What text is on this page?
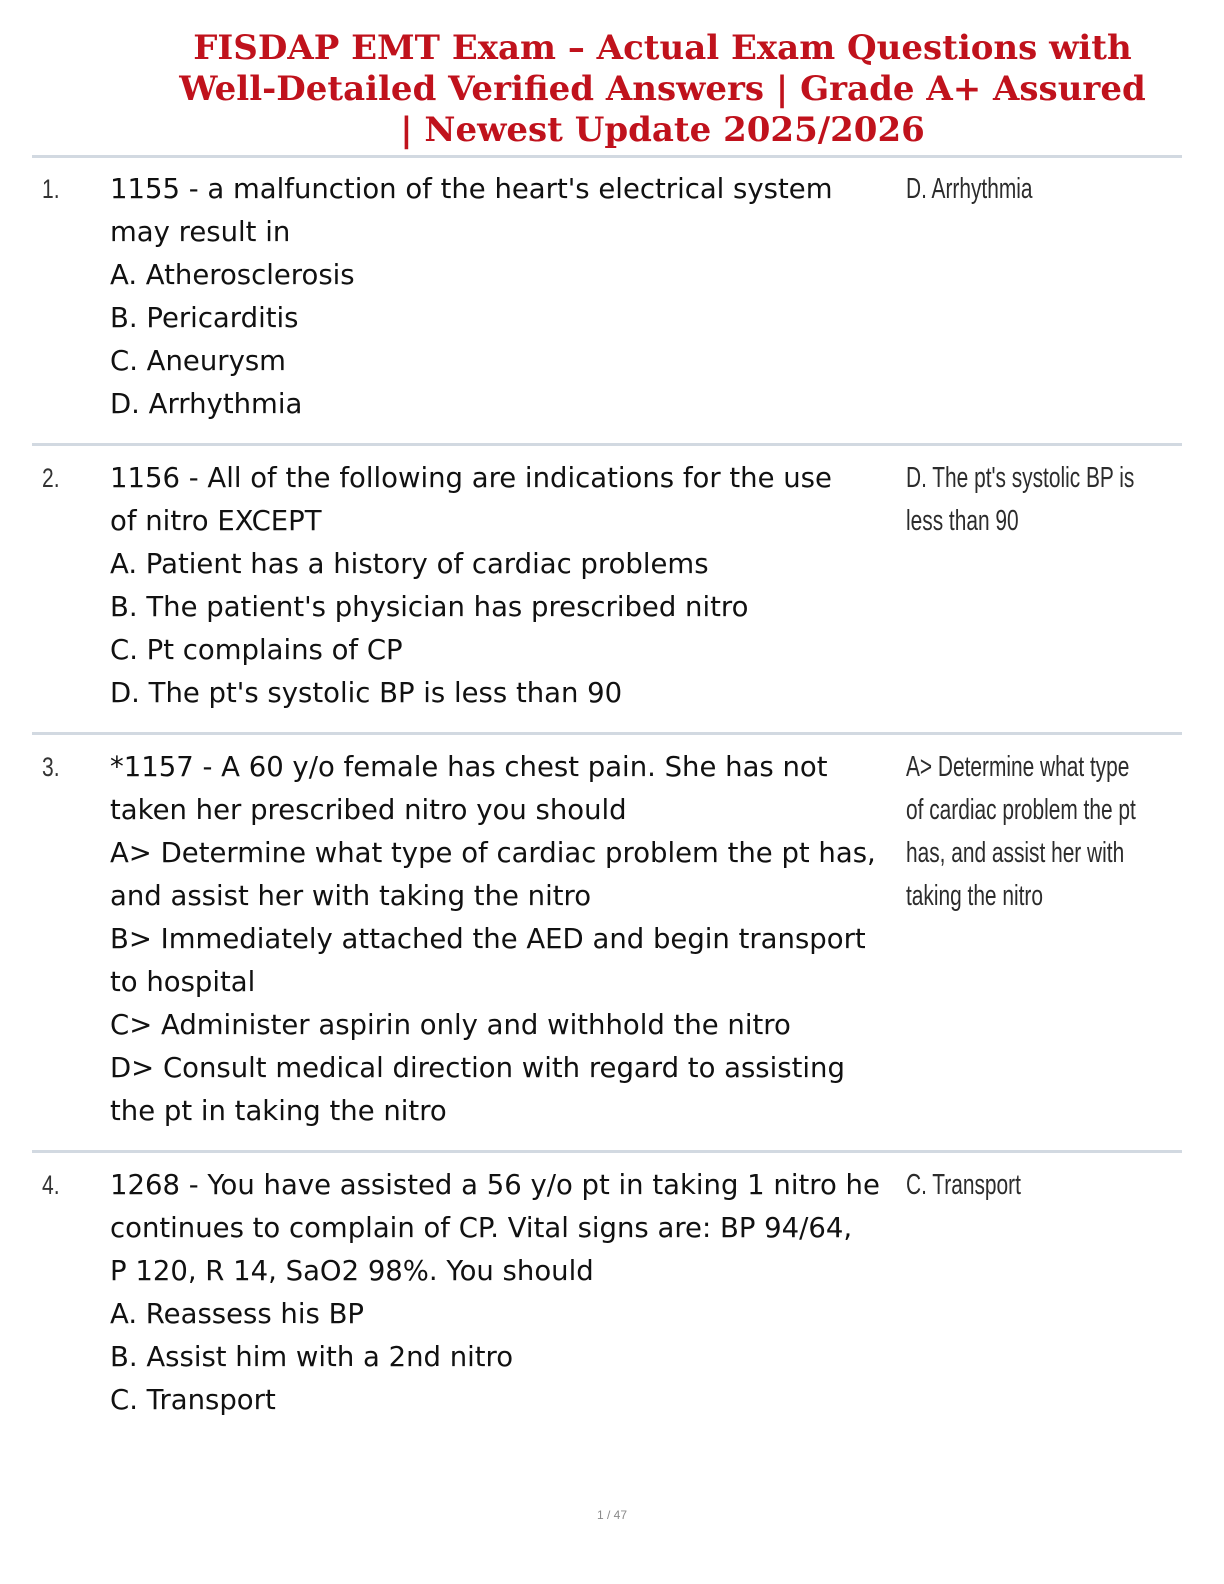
FISDAP EMT Exam – Actual Exam Questions with
Well-Detailed Verified Answers | Grade A+ Assured
| Newest Update 2025/2026
1. 1155 - a malfunction of the heart's electrical system
may result in
A. Atherosclerosis
B. Pericarditis
C. Aneurysm
D. Arrhythmia
D. Arrhythmia
2. 1156 - All of the following are indications for the use
of nitro EXCEPT
A. Patient has a history of cardiac problems
B. The patient's physician has prescribed nitro
C. Pt complains of CP
D. The pt's systolic BP is less than 90
D. The pt's systolic BP is
less than 90
3. *1157 - A 60 y/o female has chest pain. She has not
taken her prescribed nitro you should
A> Determine what type of cardiac problem the pt has,
and assist her with taking the nitro
B> Immediately attached the AED and begin transport
to hospital
C> Administer aspirin only and withhold the nitro
D> Consult medical direction with regard to assisting
the pt in taking the nitro
A> Determine what type
of cardiac problem the pt
has, and assist her with
taking the nitro
4. 1268 - You have assisted a 56 y/o pt in taking 1 nitro he
continues to complain of CP. Vital signs are: BP 94/64,
P 120, R 14, SaO2 98%. You should
A. Reassess his BP
B. Assist him with a 2nd nitro
C. Transport
C. Transport
1 / 47
